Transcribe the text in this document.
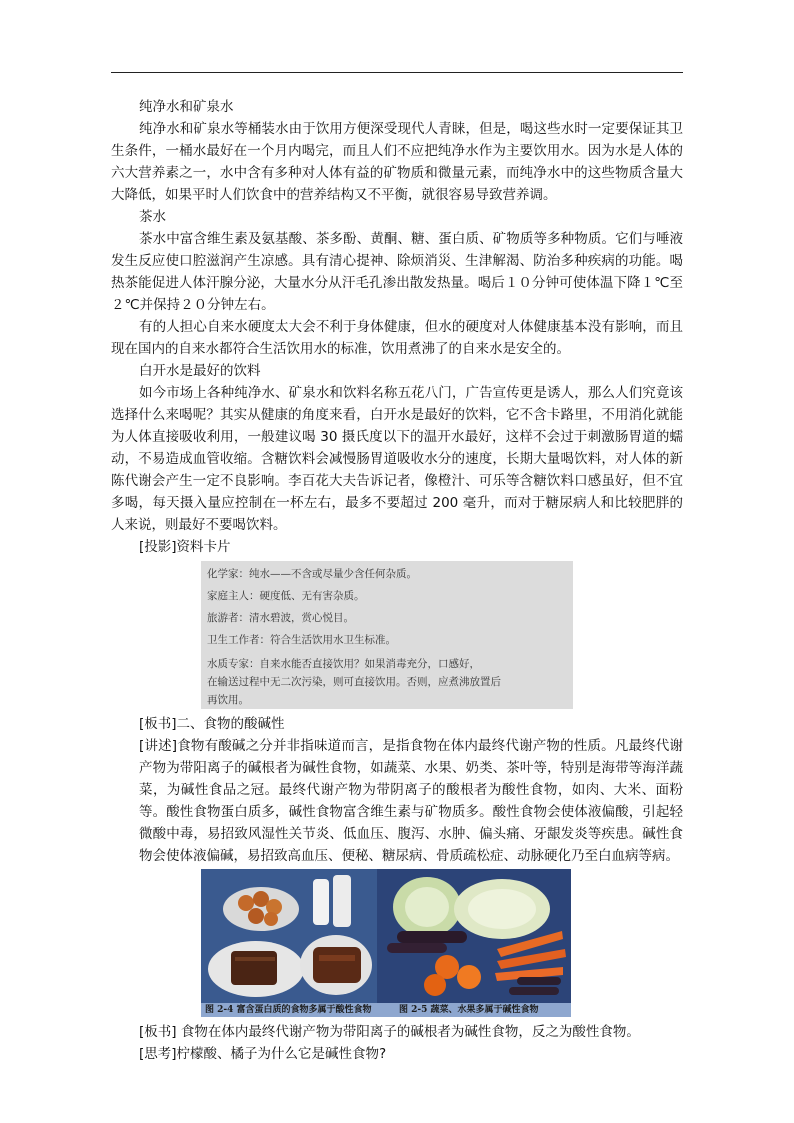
纯净水和矿泉水

纯净水和矿泉水等桶装水由于饮用方便深受现代人青睐，但是，喝这些水时一定要保证其卫生条件，一桶水最好在一个月内喝完，而且人们不应把纯净水作为主要饮用水。因为水是人体的六大营养素之一，水中含有多种对人体有益的矿物质和微量元素，而纯净水中的这些物质含量大大降低，如果平时人们饮食中的营养结构又不平衡，就很容易导致营养调。

茶水

茶水中富含维生素及氨基酸、茶多酚、黄酮、糖、蛋白质、矿物质等多种物质。它们与唾液发生反应使口腔滋润产生凉感。具有清心提神、除烦消災、生津解渴、防治多种疾病的功能。喝热茶能促进人体汗腺分泌，大量水分从汗毛孔渗出散发热量。喝后１０分钟可使体温下降１℃至２℃并保持２０分钟左右。

有的人担心自来水硬度太大会不利于身体健康，但水的硬度对人体健康基本没有影响，而且现在国内的自来水都符合生活饮用水的标准，饮用煮沸了的自来水是安全的。

白开水是最好的饮料

如今市场上各种纯净水、矿泉水和饮料名称五花八门，广告宣传更是诱人，那么人们究竟该选择什么来喝呢？其实从健康的角度来看，白开水是最好的饮料，它不含卡路里，不用消化就能为人体直接吸收利用，一般建议喝 30 摄氏度以下的温开水最好，这样不会过于刺激肠胃道的蠕动，不易造成血管收缩。含糖饮料会减慢肠胃道吸收水分的速度，长期大量喝饮料，对人体的新陈代谢会产生一定不良影响。李百花大夫告诉记者，像橙汁、可乐等含糖饮料口感虽好，但不宜多喝，每天摄入量应控制在一杯左右，最多不要超过 200 毫升，而对于糖尿病人和比较肥胖的人来说，则最好不要喝饮料。

[投影]资料卡片

化学家：纯水——不含或尽量少含任何杂质。
家庭主人：硬度低、无有害杂质。
旅游者：清水碧波，赏心悦目。
卫生工作者：符合生活饮用水卫生标准。
水质专家：自来水能否直接饮用？如果消毒充分，口感好，
在输送过程中无二次污染，则可直接饮用。否则，应煮沸放置后
再饮用。

[板书]二、食物的酸碱性

[讲述]食物有酸碱之分并非指味道而言，是指食物在体内最终代谢产物的性质。凡最终代谢产物为带阳离子的碱根者为碱性食物，如蔬菜、水果、奶类、茶叶等，特别是海带等海洋蔬菜，为碱性食品之冠。最终代谢产物为带阴离子的酸根者为酸性食物，如肉、大米、面粉等。酸性食物蛋白质多，碱性食物富含维生素与矿物质多。酸性食物会使体液偏酸，引起轻微酸中毒，易招致风湿性关节炎、低血压、腹泻、水肿、偏头痛、牙龈发炎等疾患。碱性食物会使体液偏碱，易招致高血压、便秘、糖尿病、骨质疏松症、动脉硬化乃至白血病等病。

图 2-4 富含蛋白质的食物多属于酸性食物	图 2-5 蔬菜、水果多属于碱性食物

[板书] 食物在体内最终代谢产物为带阳离子的碱根者为碱性食物，反之为酸性食物。

[思考]柠檬酸、橘子为什么它是碱性食物?
